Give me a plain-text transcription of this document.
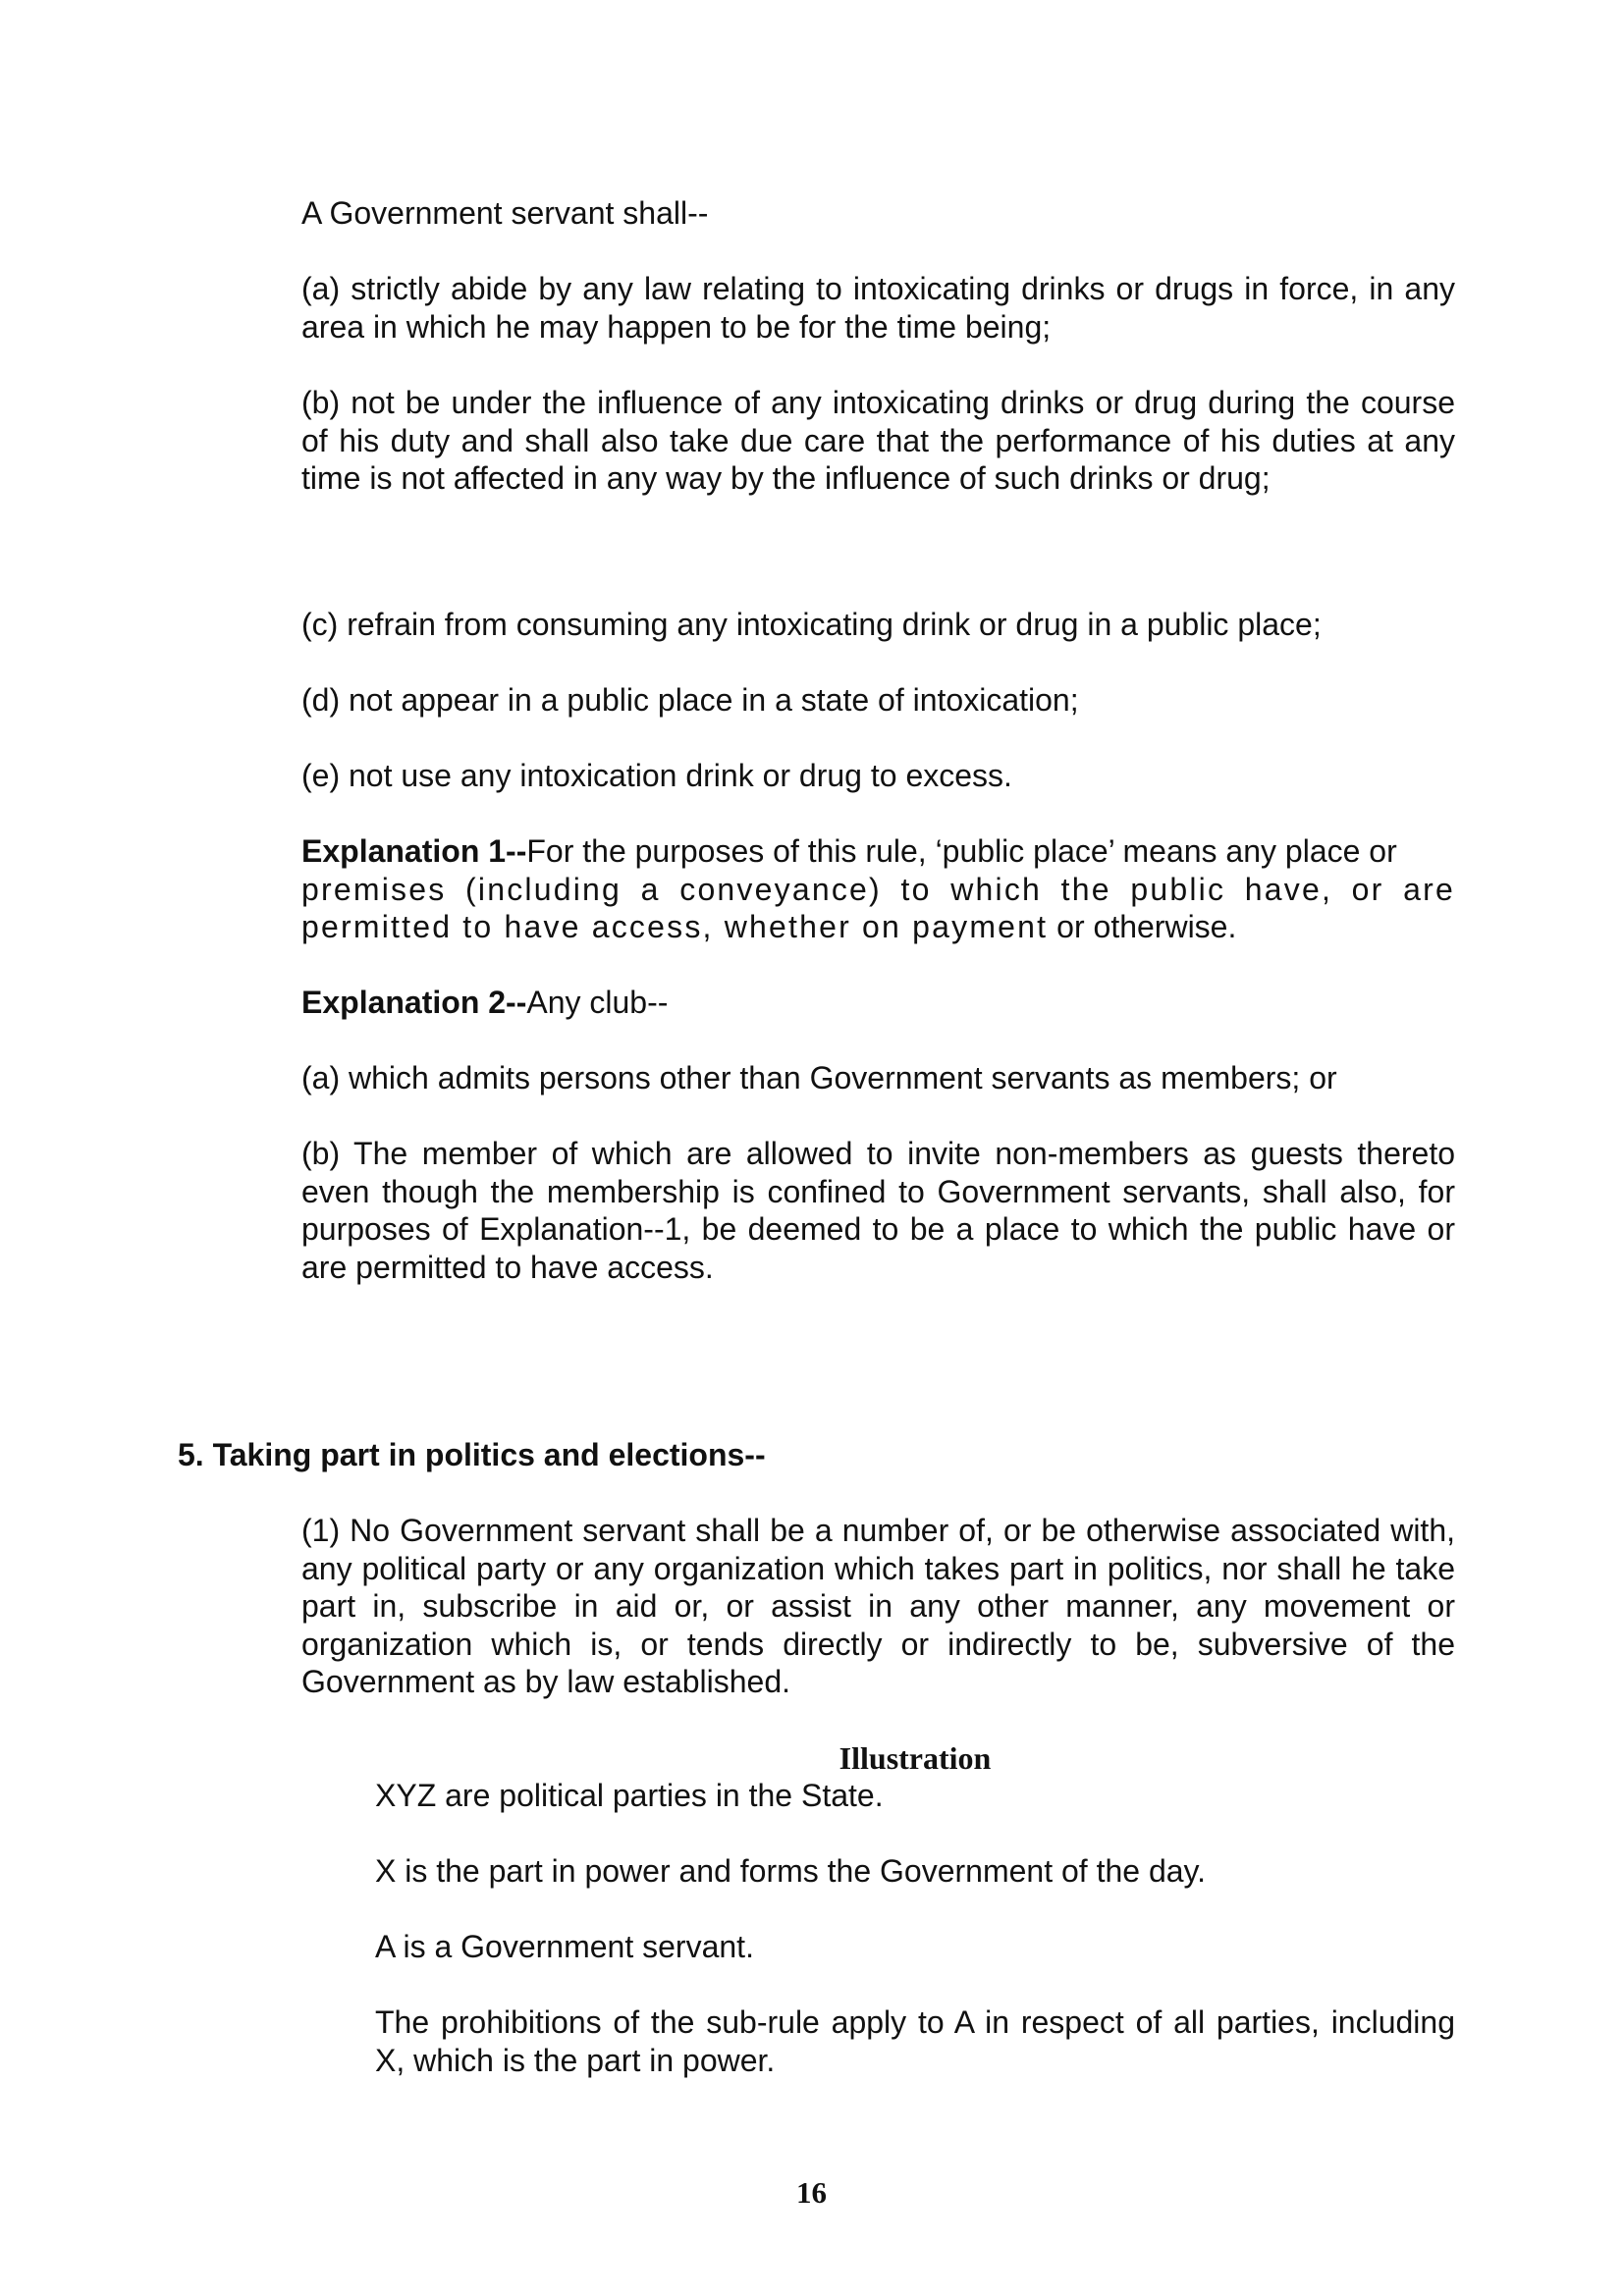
A Government servant shall--

(a) strictly abide by any law relating to intoxicating drinks or drugs in force, in any area in which he may happen to be for the time being;

(b) not be under the influence of any intoxicating drinks or drug during the course of his duty and shall also take due care that the performance of his duties at any time is not affected in any way by the influence of such drinks or drug;

(c) refrain from consuming any intoxicating drink or drug in a public place;

(d) not appear in a public place in a state of intoxication;

(e) not use any intoxication drink or drug to excess.

Explanation 1--For the purposes of this rule, ‘public place’ means any place or
premises (including a conveyance) to which the public have, or are
permitted to have access, whether on payment or otherwise.

Explanation 2--Any club--

(a) which admits persons other than Government servants as members; or

(b) The member of which are allowed to invite non-members as guests thereto even though the membership is confined to Government servants, shall also, for purposes of Explanation--1, be deemed to be a place to which the public have or are permitted to have access.

5. Taking part in politics and elections--

(1) No Government servant shall be a number of, or be otherwise associated with, any political party or any organization which takes part in politics, nor shall he take part in, subscribe in aid or, or assist in any other manner, any movement or organization which is, or tends directly or indirectly to be, subversive of the Government as by law established.

Illustration

XYZ are political parties in the State.

X is the part in power and forms the Government of the day.

A is a Government servant.

The prohibitions of the sub-rule apply to A in respect of all parties, including X, which is the part in power.

16
